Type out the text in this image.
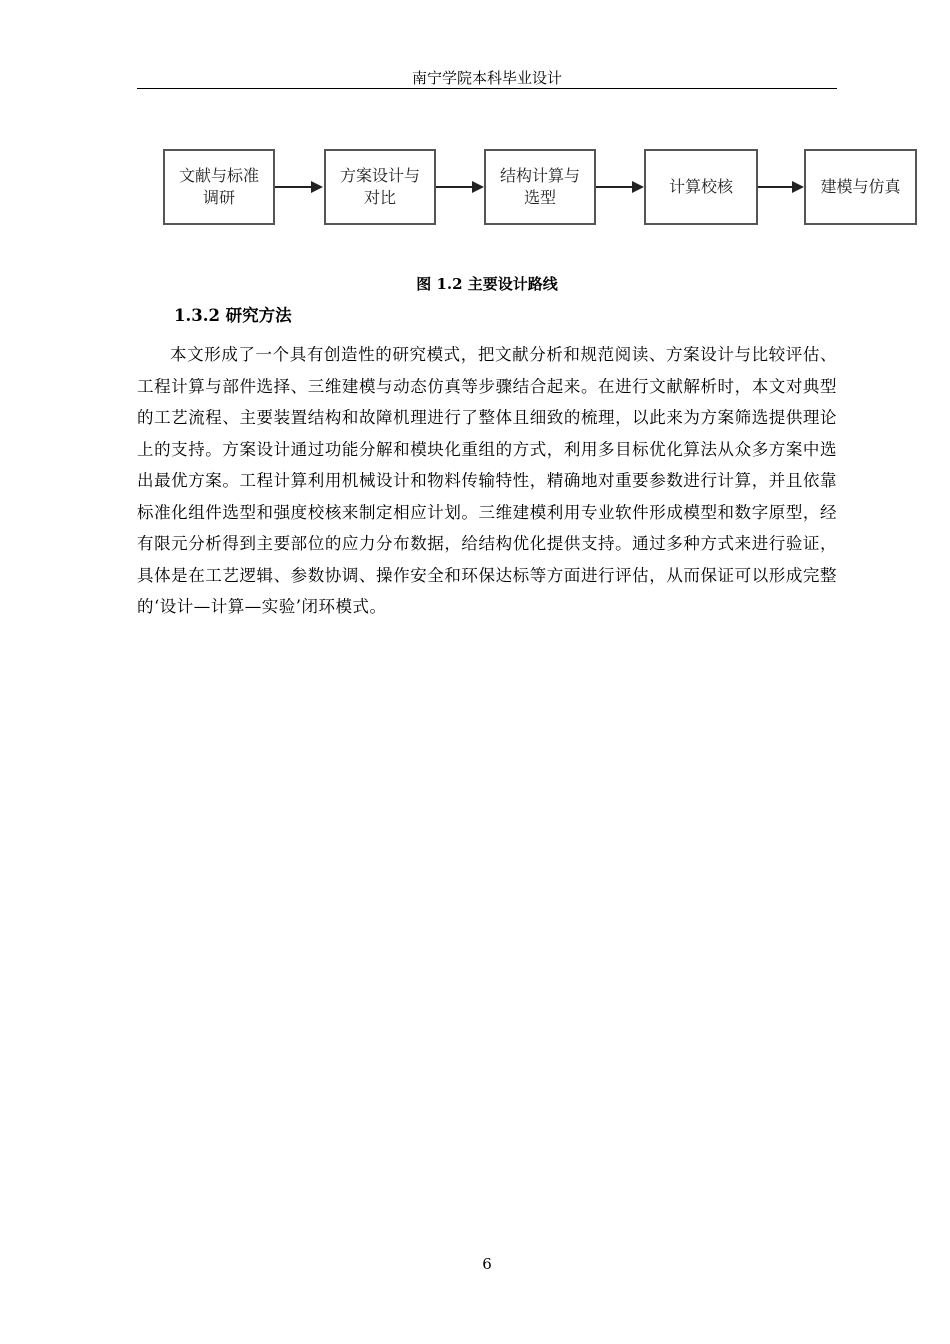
南宁学院本科毕业设计
文献与标准调研
方案设计与对比
结构计算与选型
计算校核	建模与仿真
图 1.2 主要设计路线
1.3.2 研究方法

本文形成了一个具有创造性的研究模式，把文献分析和规范阅读、方案设计与比较评估、工程计算与部件选择、三维建模与动态仿真等步骤结合起来。在进行文献解析时，本文对典型的工艺流程、主要装置结构和故障机理进行了整体且细致的梳理，以此来为方案筛选提供理论上的支持。方案设计通过功能分解和模块化重组的方式，利用多目标优化算法从众多方案中选出最优方案。工程计算利用机械设计和物料传输特性，精确地对重要参数进行计算，并且依靠标准化组件选型和强度校核来制定相应计划。三维建模利用专业软件形成模型和数字原型，经有限元分析得到主要部位的应力分布数据，给结构优化提供支持。通过多种方式来进行验证，具体是在工艺逻辑、参数协调、操作安全和环保达标等方面进行评估，从而保证可以形成完整的‘设计—计算—实验’闭环模式。

6
